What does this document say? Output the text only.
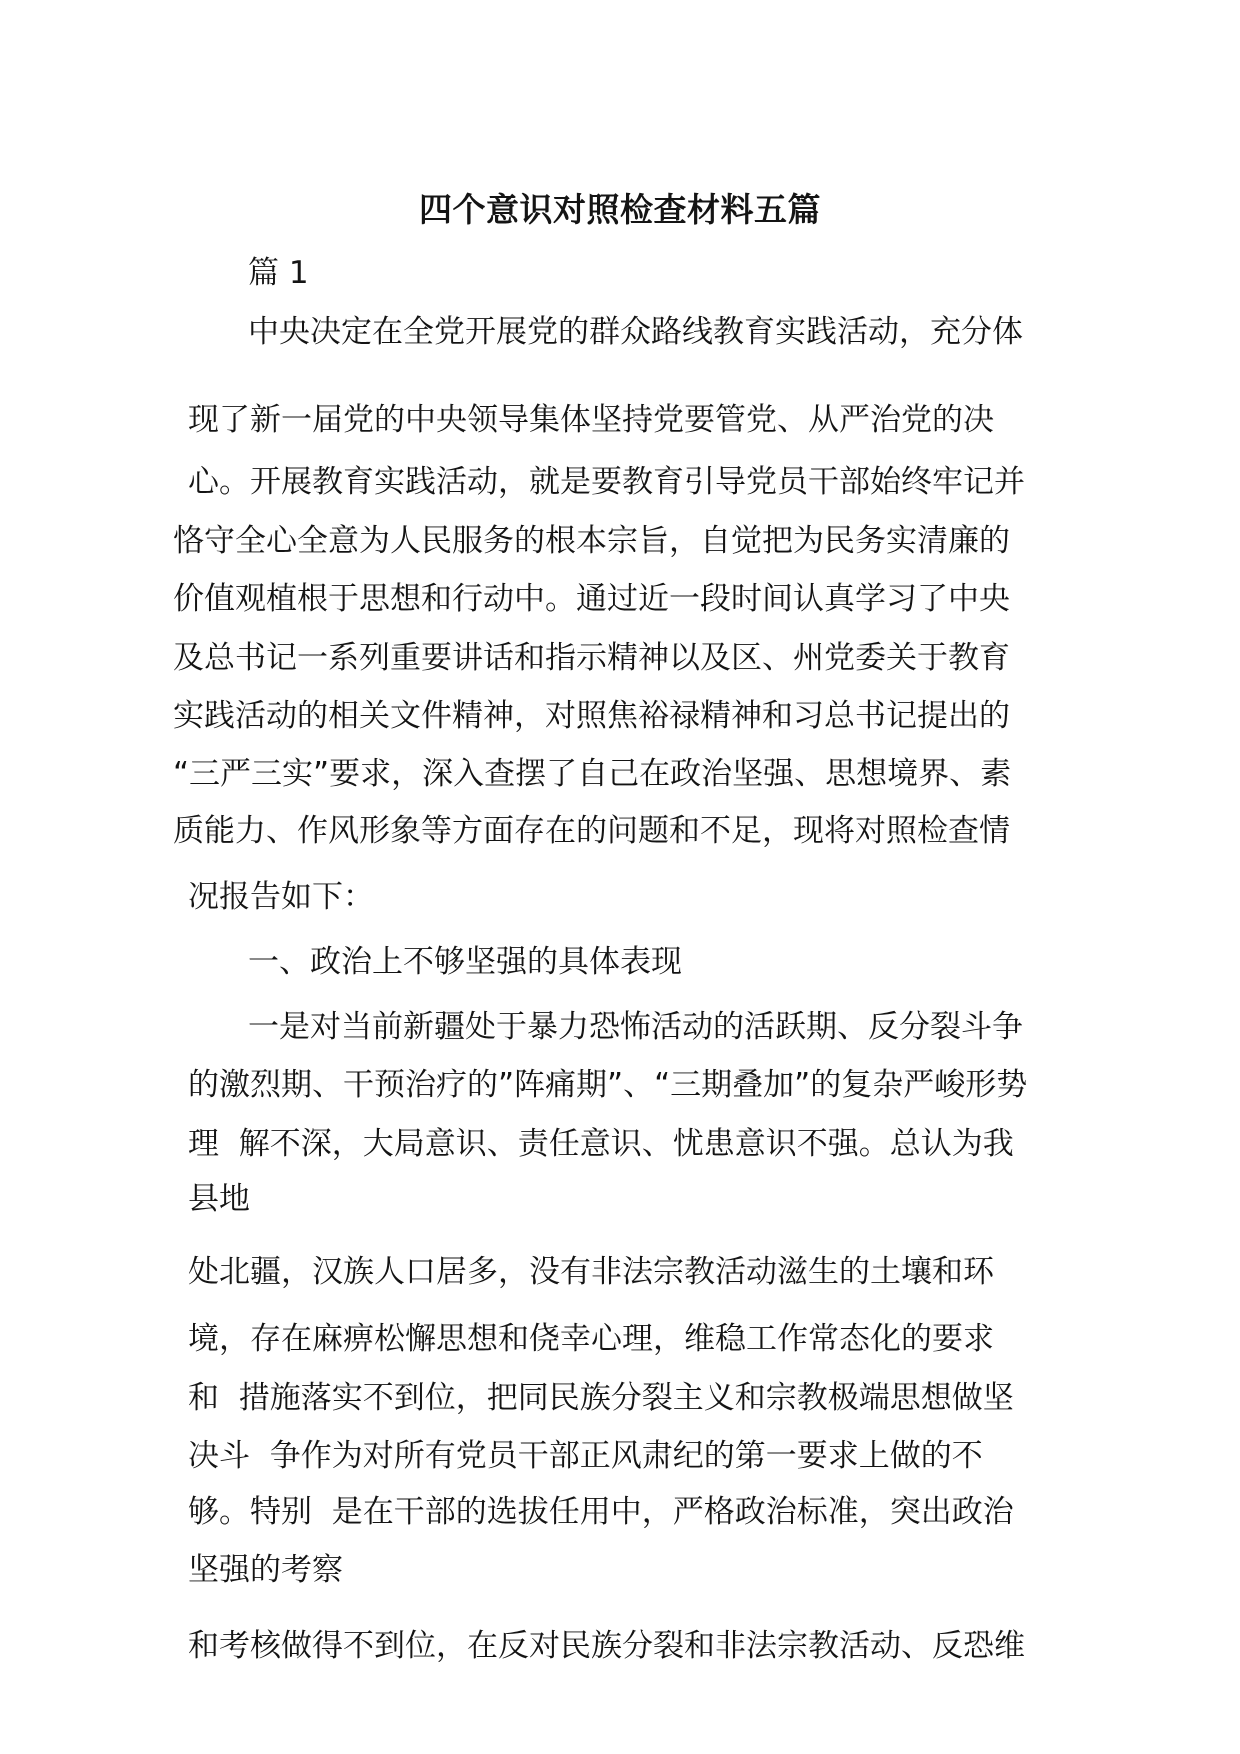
四个意识对照检查材料五篇
篇 1
中央决定在全党开展党的群众路线教育实践活动，充分体
现了新一届党的中央领导集体坚持党要管党、从严治党的决
心。开展教育实践活动，就是要教育引导党员干部始终牢记并
恪守全心全意为人民服务的根本宗旨，自觉把为民务实清廉的
价值观植根于思想和行动中。通过近一段时间认真学习了中央
及总书记一系列重要讲话和指示精神以及区、州党委关于教育
实践活动的相关文件精神，对照焦裕禄精神和习总书记提出的
“三严三实”要求，深入查摆了自己在政治坚强、思想境界、素
质能力、作风形象等方面存在的问题和不足，现将对照检查情
况报告如下：
一、政治上不够坚强的具体表现
一是对当前新疆处于暴力恐怖活动的活跃期、反分裂斗争
的激烈期、干预治疗的”阵痛期”、“三期叠加”的复杂严峻形势
理  解不深，大局意识、责任意识、忧患意识不强。总认为我
县地
处北疆，汉族人口居多，没有非法宗教活动滋生的土壤和环
境，存在麻痹松懈思想和侥幸心理，维稳工作常态化的要求
和  措施落实不到位，把同民族分裂主义和宗教极端思想做坚
决斗  争作为对所有党员干部正风肃纪的第一要求上做的不
够。特别  是在干部的选拔任用中，严格政治标准，突出政治
坚强的考察
和考核做得不到位，在反对民族分裂和非法宗教活动、反恐维
